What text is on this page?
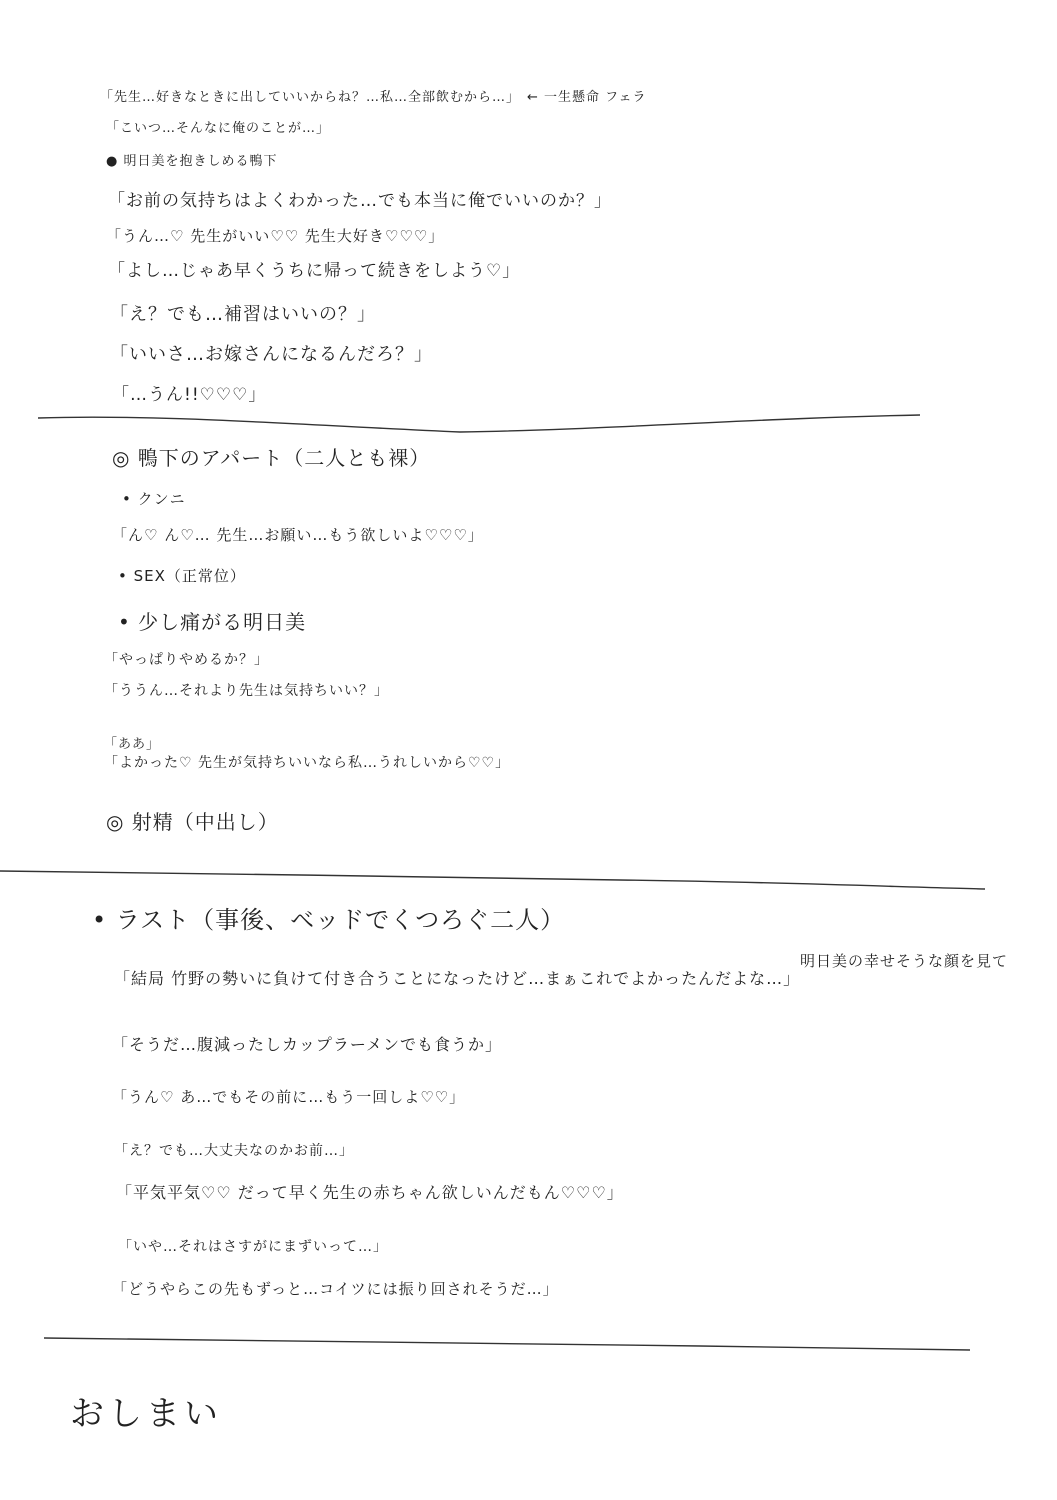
「先生…好きなときに出していいからね？…私…全部飲むから…」 ← 一生懸命 フェラ
「こいつ…そんなに俺のことが…」
● 明日美を抱きしめる鴨下
「お前の気持ちはよくわかった…でも本当に俺でいいのか？」
「うん…♡ 先生がいい♡♡ 先生大好き♡♡♡」
「よし…じゃあ早くうちに帰って続きをしよう♡」
「え？でも…補習はいいの？」
「いいさ…お嫁さんになるんだろ？」
「…うん!!♡♡♡」
◎ 鴨下のアパート（二人とも裸）
• クンニ
「ん♡ ん♡… 先生…お願い…もう欲しいよ♡♡♡」
• SEX（正常位）
• 少し痛がる明日美
「やっぱりやめるか？」
「ううん…それより先生は気持ちいい？」
「ああ」
「よかった♡ 先生が気持ちいいなら私…うれしいから♡♡」
◎ 射精（中出し）
• ラスト（事後、ベッドでくつろぐ二人）
「結局 竹野の勢いに負けて付き合うことになったけど…まぁこれでよかったんだよな…」
明日美の幸せそうな顔を見て
「そうだ…腹減ったしカップラーメンでも食うか」
「うん♡ あ…でもその前に…もう一回しよ♡♡」
「え？でも…大丈夫なのかお前…」
「平気平気♡♡ だって早く先生の赤ちゃん欲しいんだもん♡♡♡」
「いや…それはさすがにまずいって…」
「どうやらこの先もずっと…コイツには振り回されそうだ…」
おしまい
